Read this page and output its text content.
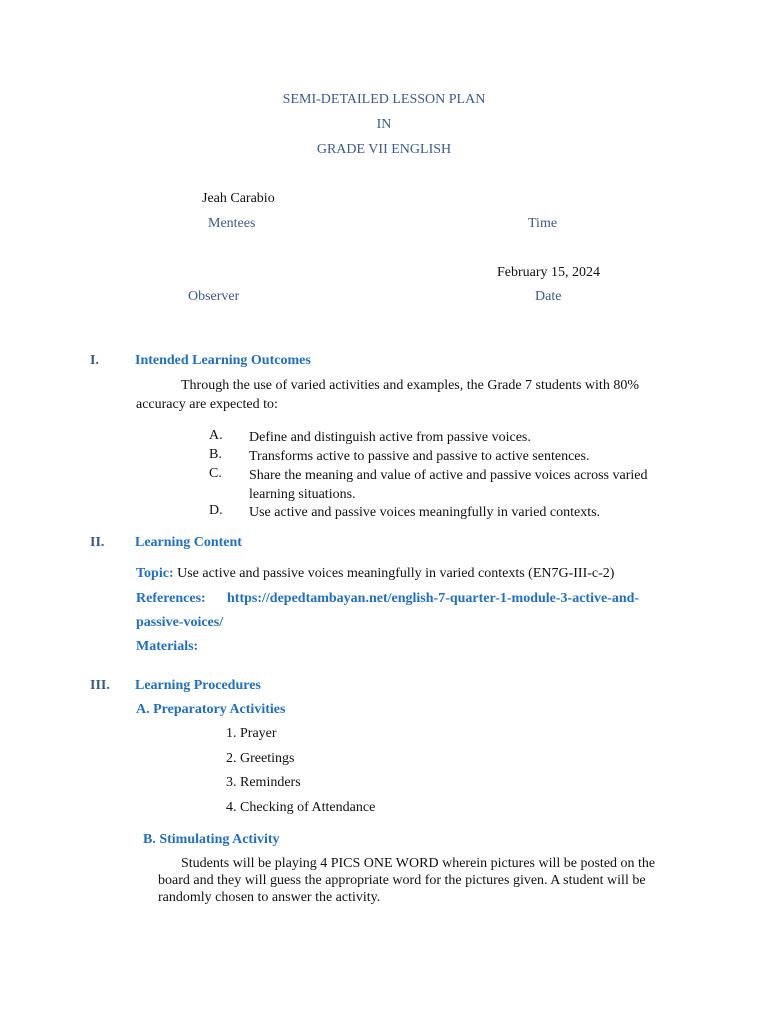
SEMI-DETAILED LESSON PLAN
IN
GRADE VII ENGLISH
Jeah Carabio
Mentees	Time
February 15, 2024
Observer	Date
I.	Intended Learning Outcomes
Through the use of varied activities and examples, the Grade 7 students with 80%
accuracy are expected to:
A. Define and distinguish active from passive voices.
B. Transforms active to passive and passive to active sentences.
C. Share the meaning and value of active and passive voices across varied learning situations.
D. Use active and passive voices meaningfully in varied contexts.
II. Learning Content
Topic: Use active and passive voices meaningfully in varied contexts (EN7G-III-c-2)
References: https://depedtambayan.net/english-7-quarter-1-module-3-active-and-
passive-voices/
Materials:
III. Learning Procedures
A. Preparatory Activities
1. Prayer
2. Greetings
3. Reminders
4. Checking of Attendance
B. Stimulating Activity
Students will be playing 4 PICS ONE WORD wherein pictures will be posted on the
board and they will guess the appropriate word for the pictures given. A student will be
randomly chosen to answer the activity.
